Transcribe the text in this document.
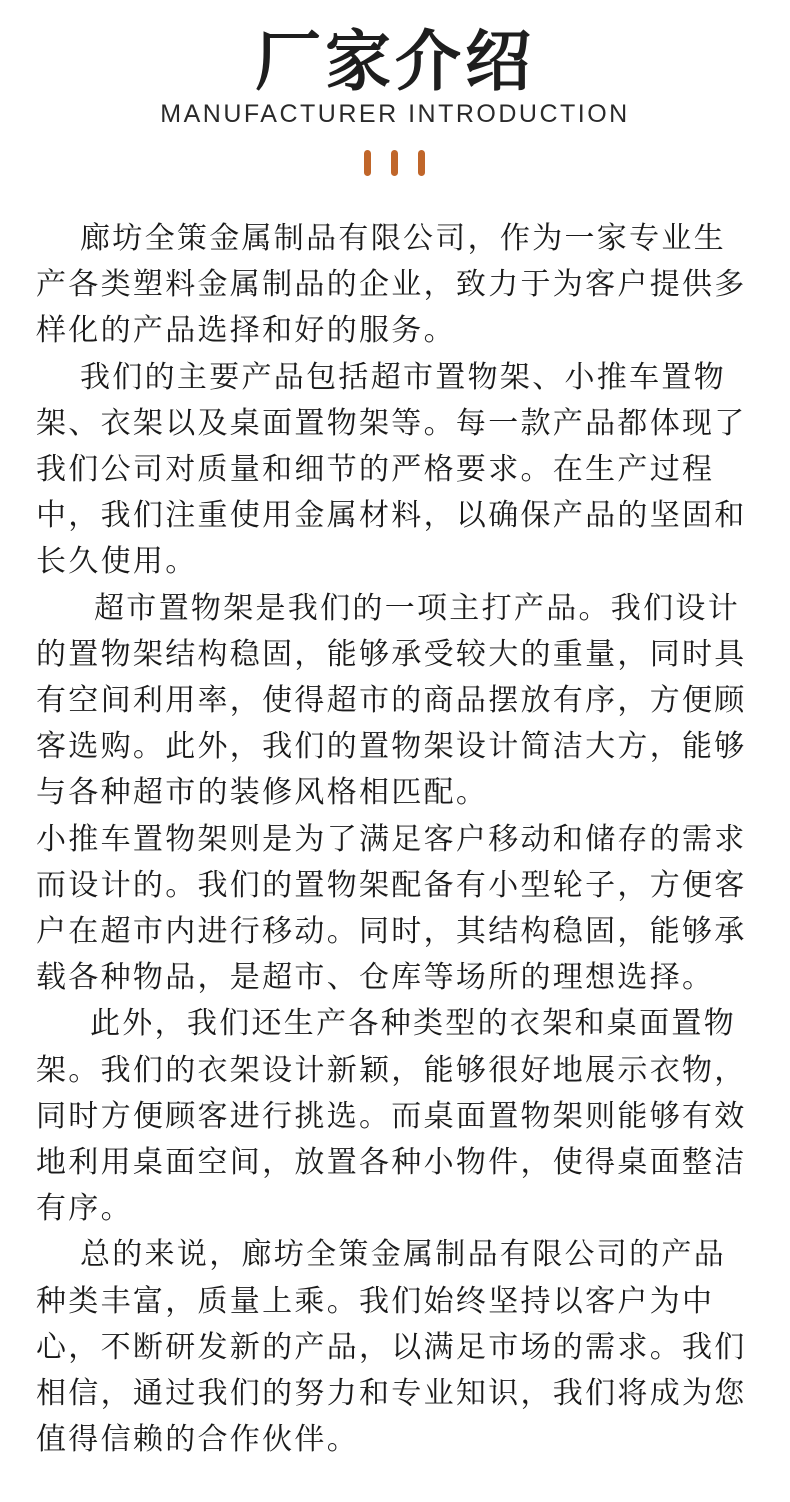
厂家介绍
MANUFACTURER INTRODUCTION

廊坊全策金属制品有限公司，作为一家专业生产各类塑料金属制品的企业，致力于为客户提供多样化的产品选择和好的服务。

我们的主要产品包括超市置物架、小推车置物架、衣架以及桌面置物架等。每一款产品都体现了我们公司对质量和细节的严格要求。在生产过程中，我们注重使用金属材料，以确保产品的坚固和长久使用。

超市置物架是我们的一项主打产品。我们设计的置物架结构稳固，能够承受较大的重量，同时具有空间利用率，使得超市的商品摆放有序，方便顾客选购。此外，我们的置物架设计简洁大方，能够与各种超市的装修风格相匹配。

小推车置物架则是为了满足客户移动和储存的需求而设计的。我们的置物架配备有小型轮子，方便客户在超市内进行移动。同时，其结构稳固，能够承载各种物品，是超市、仓库等场所的理想选择。

此外，我们还生产各种类型的衣架和桌面置物架。我们的衣架设计新颖，能够很好地展示衣物，同时方便顾客进行挑选。而桌面置物架则能够有效地利用桌面空间，放置各种小物件，使得桌面整洁有序。

总的来说，廊坊全策金属制品有限公司的产品种类丰富，质量上乘。我们始终坚持以客户为中心，不断研发新的产品，以满足市场的需求。我们相信，通过我们的努力和专业知识，我们将成为您值得信赖的合作伙伴。
